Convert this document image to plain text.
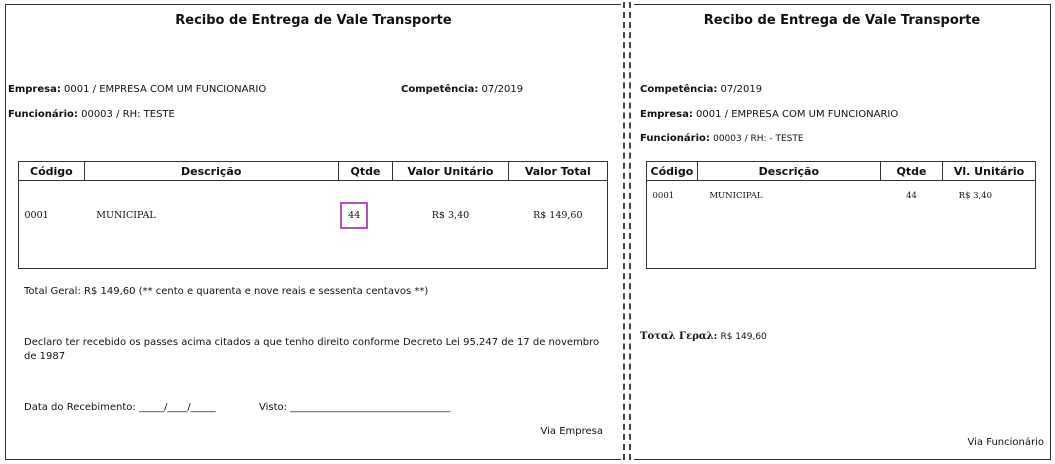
Recibo de Entrega de Vale Transporte
Empresa: 0001 / EMPRESA COM UM FUNCIONARIO	Competência: 07/2019
Funcionário: 00003 / RH: TESTE
Código	Descrição	Qtde	Valor Unitário	Valor Total
0001	MUNICIPAL	44	R$ 3,40	R$ 149,60
Total Geral: R$ 149,60 (** cento e quarenta e nove reais e sessenta centavos **)
Declaro ter recebido os passes acima citados a que tenho direito conforme Decreto Lei 95.247 de 17 de novembro de 1987
Data do Recebimento: _____/____/_____	Visto: ________________________________
Via Empresa
Recibo de Entrega de Vale Transporte
Competência: 07/2019
Empresa: 0001 / EMPRESA COM UM FUNCIONARIO
Funcionário: 00003 / RH: - TESTE
Código	Descrição	Qtde	Vl. Unitário
0001	MUNICIPAL	44	R$ 3,40
Τοταλ Γεραλ: R$ 149,60
Via Funcionário
